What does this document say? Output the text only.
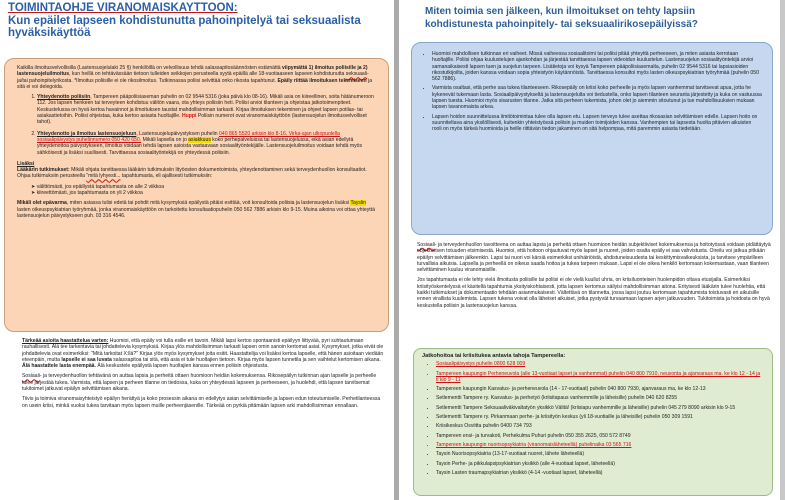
TOIMINTAOHJE VIRANOMAISKAYTTOON:
Kun epäilet lapseen kohdistunutta pahoinpitelyä tai seksuaalista hyväksikäyttöä

Kaikilla ilmoitusvelvollisilla (Lastensuojelulaki 25 §) henkilöillä on velvollisuus tehdä salassapitosäännösten estämättä viipymättä 1) ilmoitus poliisille ja 2) lastensuojeluilmoitus, kun heillä on tehtävässään tietoon tulleiden seikkojen perusteella syytä epäillä alle 18-vuotiaaseen lapseen kohdistunutta seksuaali- ja/tai pahoinpitelyrikosta. *Ilmoitus poliisille ei ole rikosilmoitus. Tutkinnassa poliisi selvittää onko rikosta tapahtunut. Epäily riittää ilmoituksen tekemiseen ja sitä ei voi delegoida.

1. Yhteydenotto poliisiin, Tampereen pääpoliisiaseman puhelin on 02 9544 5316 (joka päivä klo 08-16). Mikäli asia on kiireellinen, soita hätänumeroon 112. Jos lapsen henkeen tai terveyteen kohdistuu välitön vaara, ota yhteys poliisiin heti. Poliisi arvioi tilanteen ja ohjeistaa jatkotoimenpiteet. Keskustelussa on hyvä kertoa havainnot ja ilmoituksen taustat mahdollisimman tarkasti. Kirjaa ilmoituksen tekeminen ja ohjeet lapsen potilas- tai asiakastietoihin. Poliisi ohjeistaa, kuka kertoo asiasta huoltajille. Huppi Poliisin numerot ovat viranomaiskäyttöön (lastensuojelun ilmoitusvelvolliset tahot).
2. Yhteydenotto ja ilmoitus lastensuojeluun, Lastensuojelupäivystyksen puhelin 040 865 5520 arkisin klo 8-16. Virka-ajan ulkopuolella sosiaalipäivystys puhelinnumero 050 420 650. Mikäli lapsella on jo asiakkuus koko perhepalveluissa tai lastensuojelussa, eikä asian edellytä yhteydenottoa päivystykseen, ilmoitus voidaan tehdä lapsen asioista vastaavaan sosiaalityöntekijälle. Lastensuojeluilmoitus voidaan tehdä myös sähköisesti ja lisäksi suullisesti. Tarvittaessa sosiaalityöntekijä on yhteydessä poliisiin.

Lisäksi

Lääkärin tutkimukset: Mikäli ohjata tarvittaessa lääkärin tutkimuksiin lityöosten dokumentoimista, yhteydenottaminen sekä terveydenhuollon konsultaatiot. Ohjaa tutkimuksiin perusteella "mitä lyhyesti... tapahtumasta, eli ajallisesti tutkimuksiin:

➤ välittömästi, jos epäillystä tapahtumasta on alle 2 viikkoa
➤ kiireettömästi, jos tapahtumasta on yli 2 viikkoa

Mikäli olet epävarma, miten asiassa tulisi edetä tai pohdit mitä kysymyksiä epäilystä pitäisi esittää, voit konsultoida poliisia ja lastensuojelun lisäksi Tayslin lasten oikeuspsykiatrian työryhmää, jonka viranomaiskäyttöön on tarkoitettu konsultaatiopuhelin 050 562 7886 arkisin klo 9-15. Muina aikoina voi ottaa yhteyttä lastensuojelun päivystykseen puh. 03 316 4546.

Tärkeää asioita haastattelua varten: Huomioi, että epäily voi tulla esille eri tavoin. Mikäli lapsi kertoo spontaanisti epäilyyn liittyvää, pyri suhtautumaan rauhallisesti. Älä tee tarkentavia tai johdattelevia kysymyksiä. Kirjaa ylös mahdollisimman tarkasti lapsen omin sanoin kertomat asiat. Kysymykset, jotka eivät ole johdattelevia ovat esimerkiksi: "Mitä tarkoitat X:llä?" Kirjaa ylös myös kysymykset joita esitit. Haastattelija voi lisäksi kertoa lapselle, että hänen asioitaan viedään eteenpäin, mutta lapselle ei saa luvata salassapitoa tai sitä, että asia ei tule huoltajien tietoon. Kirjaa myös lapsen tunnetila ja sen vaihtelut kertomisen aikana. Älä haastattele lasta enempää. Älä keskustele epäilystä lapsen huoltajien kanssa ennen poliisin ohjeistusta.

Sosiaali- ja terveydenhuollon tehtävänä on auttaa lapsia ja perheitä ottaen huomioon heidän kokemuksensa. Rikosepäilyn tutkinnan ajan lapselle ja perheelle tulee järjestää tukea. Varmista, että lapsen ja perheen tilanne on tiedossa, kuka on yhteydessä lapseen ja perheeseen, ja huolehdi, että lapsen tarvitsemat tukitoimet jatkuvat epäilyn selvittämisen aikana.

Tiivis ja toimiva viranomaisyhteistyö epäilyn herättyä ja koko prosessin aikana on edellytys asian selvittämiselle ja lapsen edun toteutumiselle. Perhetilanteessa on usein kriisi, minkä vuoksi tukea tarvitaan myös lapsen muille perheenjäsenille. Tärkeää on pyrkiä pitämään lapsen arki mahdollisimman ennallaan.

Miten toimia sen jälkeen, kun ilmoitukset on tehty lapsiin kohdistunesta pahoinpitely- tai seksuaalirikosepäilyissä?
• Huomioi mahdollisen tutkinnan eri vaiheet. Missä vaiheessa sosiaalitoimi tai poliisi pitää yhteyttä perheeseen, ja miten asiasta kerrotaan huoltajille. Poliisi ohjaa kuulustelujen ajankohdan ja järjestää tarvittaessa lapsen videoidun kuulustelun. Lastensuojelun sosiaalityöntekijä arvioi samanaikaisesti lapsen tuen ja suojelun tarpeen. Lisätietoja voi kysyä Tampereen pääpoliisiasemalta, puhelin 02 9544 5316 tai lapsiasioiden rikostutkijoilta, joiden kanssa voidaan sopia yhteistyön käytännöistä. Tarvittaessa konsultoi myös lasten oikeuspsykiatrian työryhmää (puhelin 050 562 7886).
• Varmista osaltasi, että perhe saa tukea tilanteeseen. Rikosepäily on kriisi koko perheelle ja myös lapsen vanhemmat tarvitsevat apua, jotta he kykenevät tukemaan lasta. Sosiaalipäivystykseltä ja lastensuojelulta voi tiedustella, onko lapsen tilanteen seuranta järjestetty ja kuka on vastuussa lapsen tuesta. Huomioi myös sisarusten tilanne. Jatka sitä perheen tukemista, johon olet jo aiemmin sitoutunut ja tue mahdollisuuksien mukaan lapsen tavanomaista arkea.
• Lapsen hoidon suunnittelussa ilmitötoimintaa tulee olla lapsen etu. Lapsen terveys tulee asettaa rikosasian selvittämisen edelle. Lapsen hoito on suunniteltava aina yksilöllisesti, kuitenkin yhteistyössä poliisin ja muiden toimijoiden kanssa. Vanhempien tai lapsesta huolta pitävien aikuisten rooli on myös tärkeä huomioida ja heille riittävän tiedon jakaminen on sitä helpompaa, mitä paremmin asiasta tiedetään.

Sosiaali- ja terveydenhuollon tavoitteena on auttaa lapsia ja perheitä ottaen huomioon heidän subjektiiviset kokemuksensa ja hoitotyössä voidaan pidättäytyä objektiivisen totuuden etsimisestä. Huomioi, että hoitoon ohjautuvat myös lapset ja nuoret, joiden osalta epäily ei saa vahvistusta. Oireilu voi jatkua pitkään epäilyn selvittämisen jälkeenkin. Lapsi tai nuori voi kärsiä esimerkiksi unihäiriöistä, ahdistuneisuudesta tai keskittymisvaikeuksista, ja tarvitsee ympärilleen turvallisia aikuisia. Lapsella ja perheellä on oikeus saada hoitoa ja tukea tarpeen mukaan. Lapsi ei ole oikea henkilö kertomaan kokemastaan, vaan tilanteen selvittäminen kuuluu viranomaisille.

Jos tapahtumasta ei ole tehty vielä ilmoitusta poliisille tai poliisi ei ole vielä kuullut uhria, on kriisiluonteisen huolenpidon oltava etusijalla. Esimerkiksi kriisityöskentelyssä ei käsitellä tapahtumia yksityiskohtaisesti, jotta lapsen kertomus säilyisi mahdollisimman aitona. Erityisesti lääkärin tulee huolehtia, että kaikki tutkimukset ja dokumentaatio tehdään asianmukaisesti. Vältettävä on tilannetta, jossa lapsi joutuu kertomaan tapahtumista toistuvasti eri aikuisille ennen virallista kuulemista. Lapsen tukena voivat olla läheiset aikuiset, jotka pystyvät turvaamaan lapsen arjen jatkuvuuden. Tukitoimista ja hoidosta on hyvä keskustella poliisin ja lastensuojelun kanssa.

Jatkohoitoa tai kriisitukea antavia tahoja Tampereella:

• Sosiaalipäivystys puhelin 0800 628 009
• Tampereen kaupungin Perheneuvola (alle 13-vuotiaat lapset ja vanhemmat) puhelin 040 800 7910, neuvonta ja ajanvaraus ma. ke klo 12 - 14 ja ti klo 9 - 11
• Tampereen kaupungin Kasvatus- ja perheneuvola (14 - 17-vuotiaat) puhelin 040 800 7930, ajanvaraus ma, ke klo 12-13
• Setlementti Tampere ry. Kasvatus- ja perhetyö (kriisitapaus vanhemmille ja läheisille) puhelin 040 620 8255
• Setlementti Tampere Seksuaaliväkivaltatyön yksikkö Välitä! (kriisiapu vanhemmille ja läheisille) puhelin 045 279 8090 arkisin klo 9-15
• Setlementti Tampere ry. Pirkanmaan perhe- ja kriisityön keskus (yli 18-vuotiaille ja läheisille) puhelin 050 309 1591
• Kriisikeskus Osviitta puhelin 0400 734 793
• Tampereen ensi- ja turvakoti, Perhekulma Puhuri puhelin 050 355 2625, 050 572 8749
• Tampereen kaupungin nuorisopsykiatria (viranomaisläheteellä) puhelinaika 03 565 716
• Taysin Nuorisopsykiatria (13-17-vuotiaat nuoret, lähete läheteellä)
• Taysin Perhe- ja pikkulapsipsykiatrian yksikkö (alle 4-vuotiaat lapset, läheteellä)
• Taysin Lasten traumapsykiatrian yksikkö (4-14 -vuotiaat lapset, läheteellä)
